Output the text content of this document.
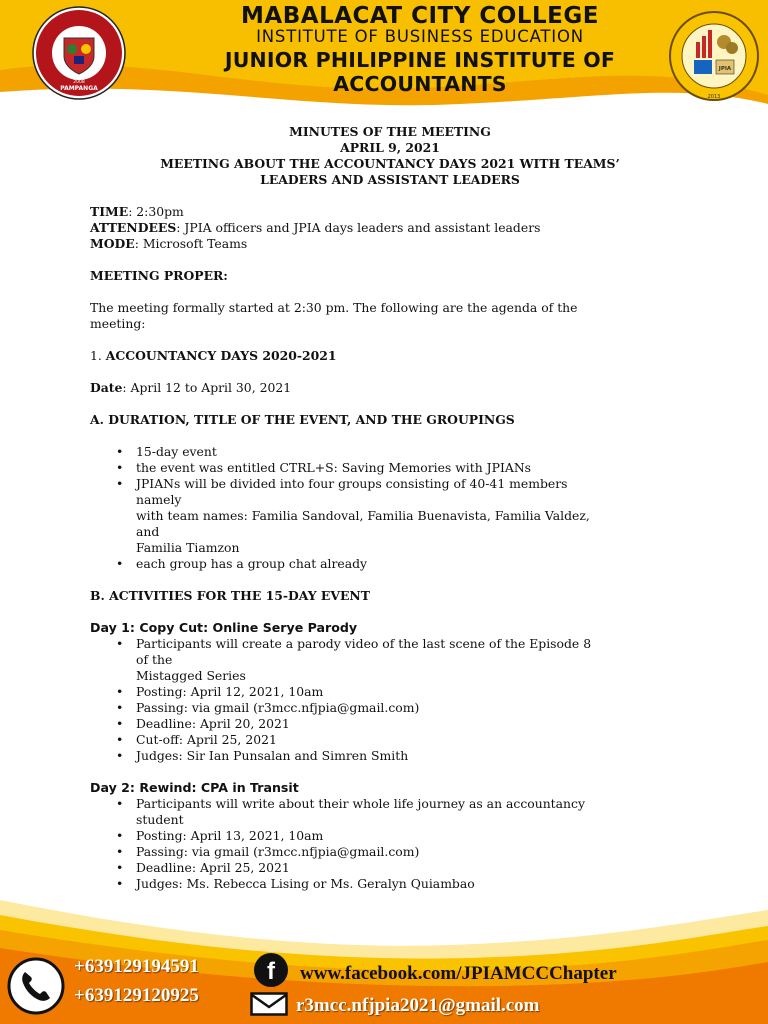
PAMPANGA
2008
JPIA
2013
MABALACAT CITY COLLEGE
INSTITUTE OF BUSINESS EDUCATION
JUNIOR PHILIPPINE INSTITUTE OF ACCOUNTANTS
MINUTES OF THE MEETING
APRIL 9, 2021
MEETING ABOUT THE ACCOUNTANCY DAYS 2021 WITH TEAMS’
LEADERS AND ASSISTANT LEADERS
TIME: 2:30pm
ATTENDEES: JPIA officers and JPIA days leaders and assistant leaders
MODE: Microsoft Teams
MEETING PROPER:
The meeting formally started at 2:30 pm. The following are the agenda of the
meeting:
1. ACCOUNTANCY DAYS 2020-2021
Date: April 12 to April 30, 2021
A. DURATION, TITLE OF THE EVENT, AND THE GROUPINGS
• 15-day event
• the event was entitled CTRL+S: Saving Memories with JPIANs
• JPIANs will be divided into four groups consisting of 40-41 members
namely
with team names: Familia Sandoval, Familia Buenavista, Familia Valdez,
and
Familia Tiamzon
• each group has a group chat already
B. ACTIVITIES FOR THE 15-DAY EVENT
Day 1: Copy Cut: Online Serye Parody
• Participants will create a parody video of the last scene of the Episode 8
of the
Mistagged Series
• Posting: April 12, 2021, 10am
• Passing: via gmail (r3mcc.nfjpia@gmail.com)
• Deadline: April 20, 2021
• Cut-off: April 25, 2021
• Judges: Sir Ian Punsalan and Simren Smith
Day 2: Rewind: CPA in Transit
• Participants will write about their whole life journey as an accountancy
student
• Posting: April 13, 2021, 10am
• Passing: via gmail (r3mcc.nfjpia@gmail.com)
• Deadline: April 25, 2021
• Judges: Ms. Rebecca Lising or Ms. Geralyn Quiambao
f
+639129194591
+639129120925
www.facebook.com/JPIAMCCChapter
r3mcc.nfjpia2021@gmail.com
